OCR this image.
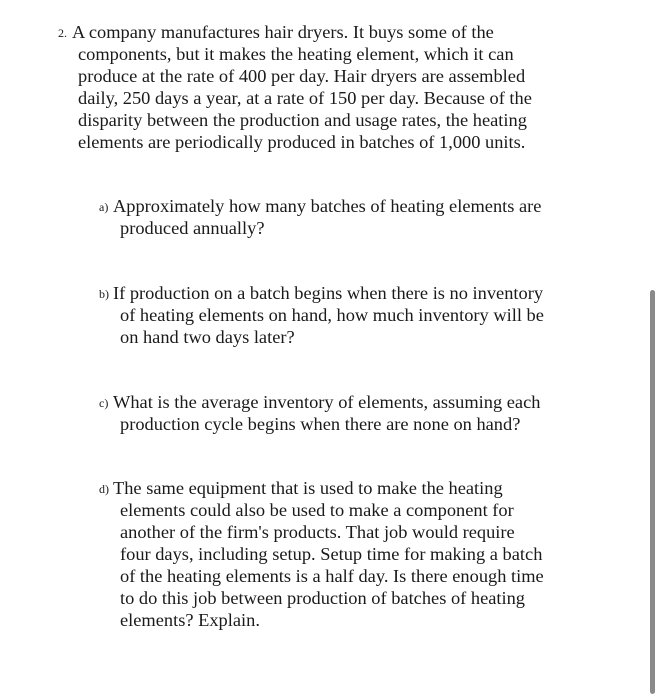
2. A company manufactures hair dryers. It buys some of the
components, but it makes the heating element, which it can
produce at the rate of 400 per day. Hair dryers are assembled
daily, 250 days a year, at a rate of 150 per day. Because of the
disparity between the production and usage rates, the heating
elements are periodically produced in batches of 1,000 units.
a) Approximately how many batches of heating elements are
produced annually?
b) If production on a batch begins when there is no inventory
of heating elements on hand, how much inventory will be
on hand two days later?
c) What is the average inventory of elements, assuming each
production cycle begins when there are none on hand?
d) The same equipment that is used to make the heating
elements could also be used to make a component for
another of the firm's products. That job would require
four days, including setup. Setup time for making a batch
of the heating elements is a half day. Is there enough time
to do this job between production of batches of heating
elements? Explain.
